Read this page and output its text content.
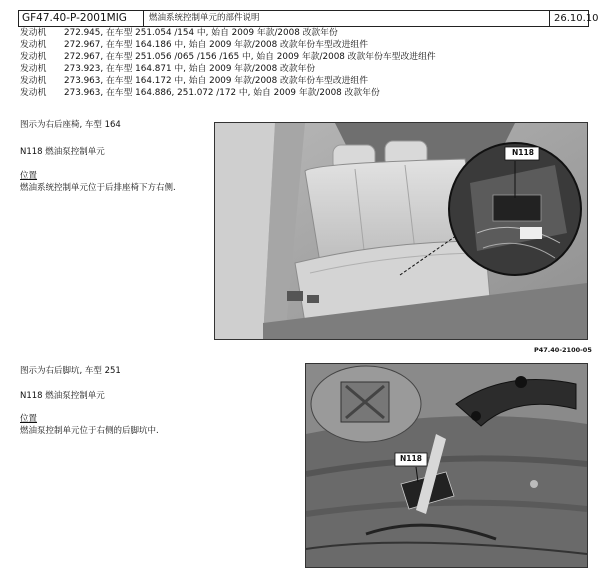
GF47.40-P-2001MIG	燃油系统控制单元的部件说明	26.10.10
发动机 272.945, 在车型 251.054 /154 中, 始自 2009 年款/2008 改款年份
发动机 272.967, 在车型 164.186 中, 始自 2009 年款/2008 改款年份车型改进组件
发动机 272.967, 在车型 251.056 /065 /156 /165 中, 始自 2009 年款/2008 改款年份车型改进组件
发动机 273.923, 在车型 164.871 中, 始自 2009 年款/2008 改款年份
发动机 273.963, 在车型 164.172 中, 始自 2009 年款/2008 改款年份车型改进组件
发动机 273.963, 在车型 164.886, 251.072 /172 中, 始自 2009 年款/2008 改款年份
图示为右后座椅, 车型 164
N118 燃油泵控制单元
位置
燃油系统控制单元位于后排座椅下方右侧.
N118
P47.40-2100-05
图示为右后脚坑, 车型 251
N118 燃油泵控制单元
位置
燃油泵控制单元位于右侧的后脚坑中.
N118
